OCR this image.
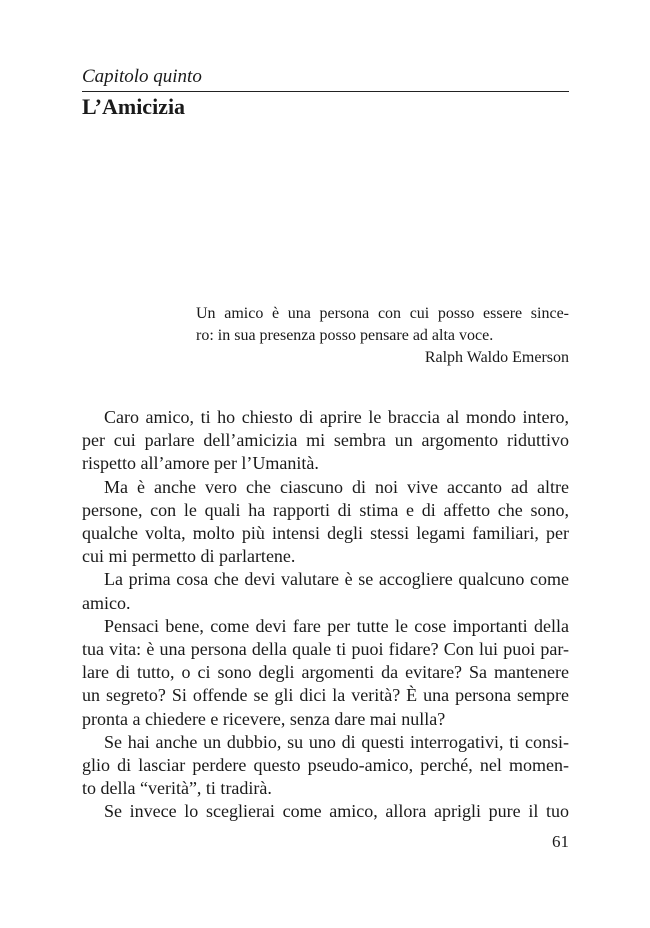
Capitolo quinto
L’Amicizia
Un amico è una persona con cui posso essere since-
ro: in sua presenza posso pensare ad alta voce.
Ralph Waldo Emerson
Caro amico, ti ho chiesto di aprire le braccia al mondo intero,
per cui parlare dell’amicizia mi sembra un argomento riduttivo
rispetto all’amore per l’Umanità.
Ma è anche vero che ciascuno di noi vive accanto ad altre
persone, con le quali ha rapporti di stima e di affetto che sono,
qualche volta, molto più intensi degli stessi legami familiari, per
cui mi permetto di parlartene.
La prima cosa che devi valutare è se accogliere qualcuno come
amico.
Pensaci bene, come devi fare per tutte le cose importanti della
tua vita: è una persona della quale ti puoi fidare? Con lui puoi par-
lare di tutto, o ci sono degli argomenti da evitare? Sa mantenere
un segreto? Si offende se gli dici la verità? È una persona sempre
pronta a chiedere e ricevere, senza dare mai nulla?
Se hai anche un dubbio, su uno di questi interrogativi, ti consi-
glio di lasciar perdere questo pseudo-amico, perché, nel momen-
to della “verità”, ti tradirà.
Se invece lo sceglierai come amico, allora aprigli pure il tuo
61
